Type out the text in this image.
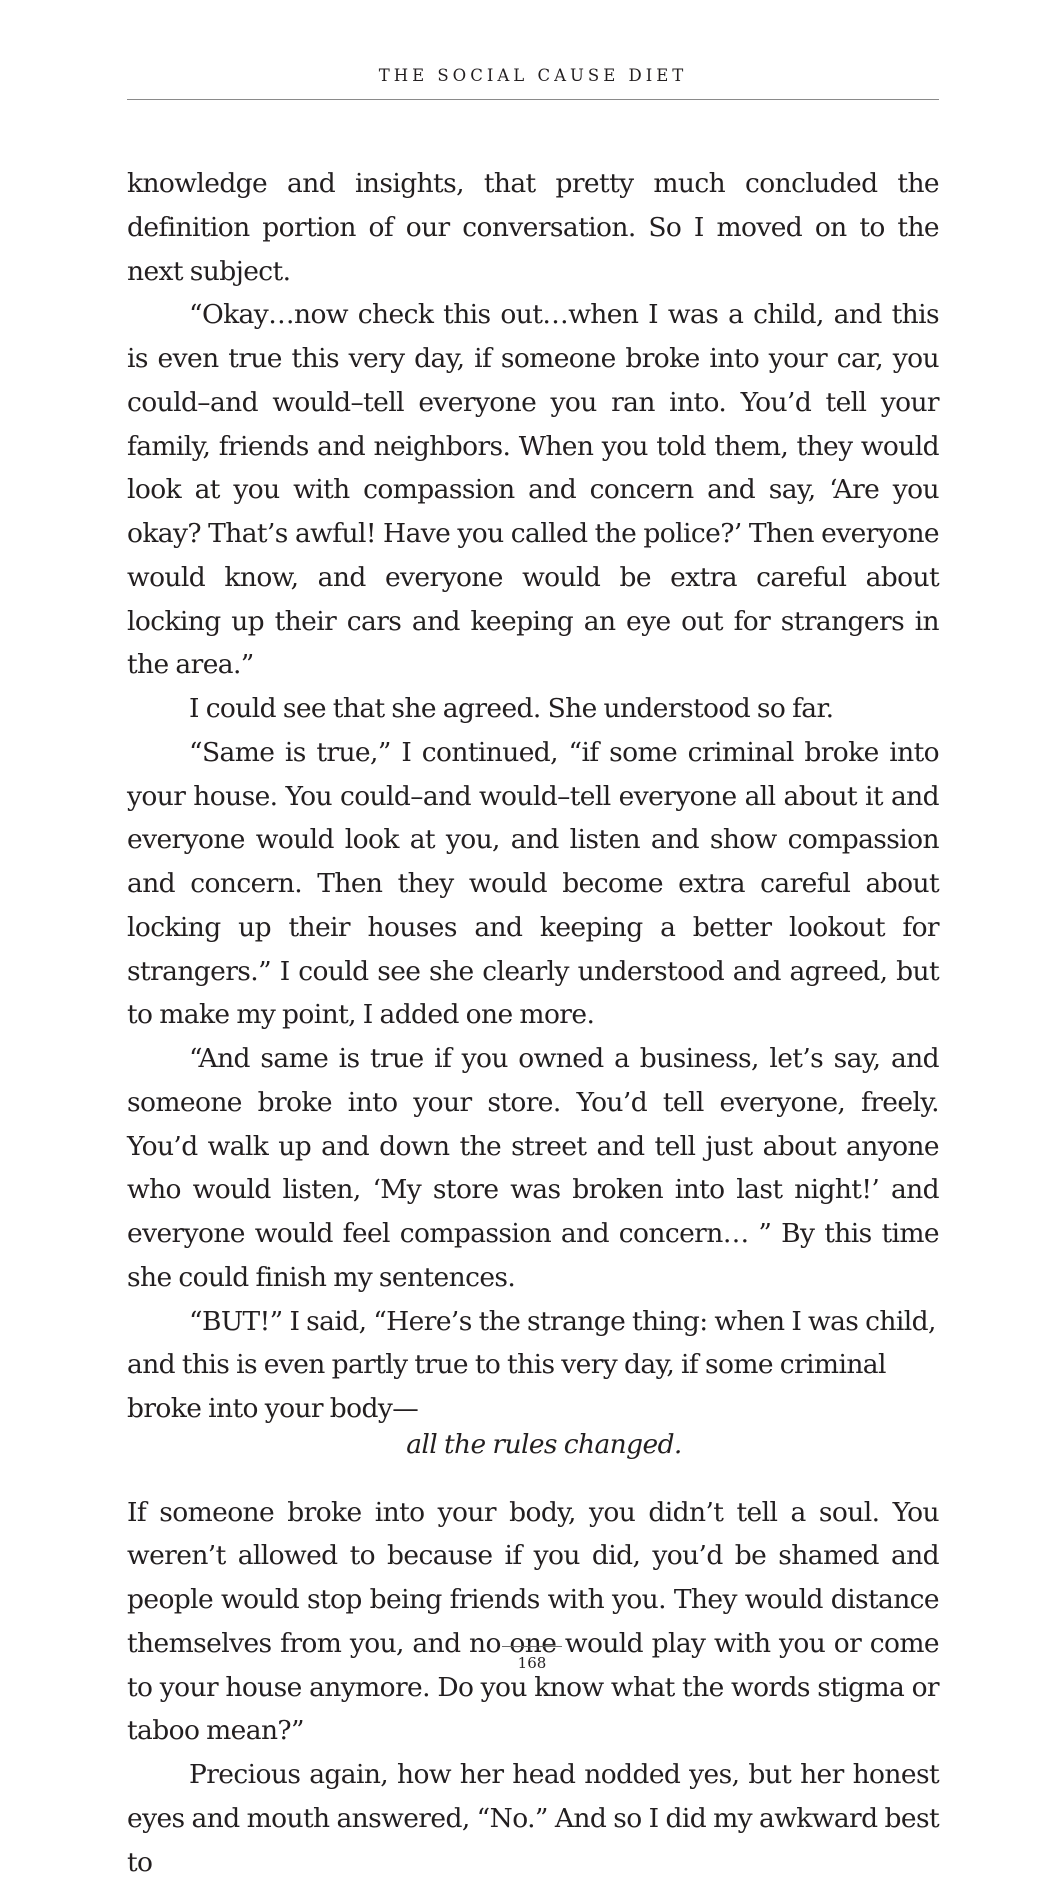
THE SOCIAL CAUSE DIET

knowledge and insights, that pretty much concluded the definition portion of our conversation. So I moved on to the next subject.

“Okay…now check this out…when I was a child, and this is even true this very day, if someone broke into your car, you could–and would–tell everyone you ran into. You’d tell your family, friends and neighbors. When you told them, they would look at you with compassion and concern and say, ‘Are you okay? That’s awful! Have you called the police?’ Then everyone would know, and everyone would be extra careful about locking up their cars and keeping an eye out for strangers in the area.”

I could see that she agreed. She understood so far.

“Same is true,” I continued, “if some criminal broke into your house. You could–and would–tell everyone all about it and everyone would look at you, and listen and show compassion and concern. Then they would become extra careful about locking up their houses and keeping a better lookout for strangers.” I could see she clearly understood and agreed, but to make my point, I added one more.

“And same is true if you owned a business, let’s say, and someone broke into your store. You’d tell everyone, freely. You’d walk up and down the street and tell just about anyone who would listen, ‘My store was broken into last night!’ and everyone would feel compassion and concern… ” By this time she could finish my sentences.

“BUT!” I said, “Here’s the strange thing: when I was child, and this is even partly true to this very day, if some criminal broke into your body—

all the rules changed.

If someone broke into your body, you didn’t tell a soul. You weren’t allowed to because if you did, you’d be shamed and people would stop being friends with you. They would distance themselves from you, and no one would play with you or come to your house anymore. Do you know what the words stigma or taboo mean?”

Precious again, how her head nodded yes, but her honest eyes and mouth answered, “No.” And so I did my awkward best to

168
